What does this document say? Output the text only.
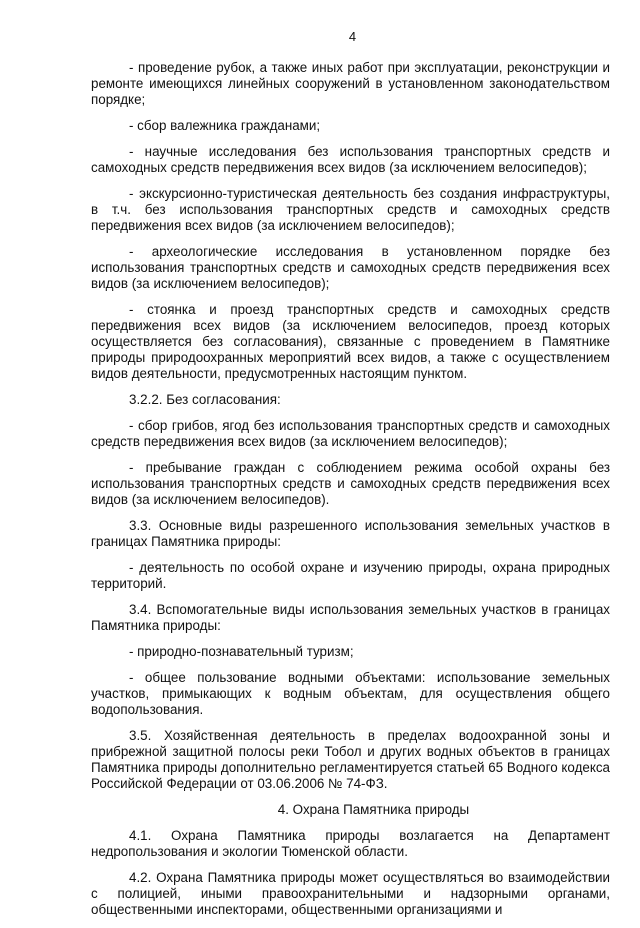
4

- проведение рубок, а также иных работ при эксплуатации, реконструкции и ремонте имеющихся линейных сооружений в установленном законодательством порядке;

- сбор валежника гражданами;

- научные исследования без использования транспортных средств и самоходных средств передвижения всех видов (за исключением велосипедов);

- экскурсионно-туристическая деятельность без создания инфраструктуры, в т.ч. без использования транспортных средств и самоходных средств передвижения всех видов (за исключением велосипедов);

- археологические исследования в установленном порядке без использования транспортных средств и самоходных средств передвижения всех видов (за исключением велосипедов);

- стоянка и проезд транспортных средств и самоходных средств передвижения всех видов (за исключением велосипедов, проезд которых осуществляется без согласования), связанные с проведением в Памятнике природы природоохранных мероприятий всех видов, а также с осуществлением видов деятельности, предусмотренных настоящим пунктом.

3.2.2. Без согласования:

- сбор грибов, ягод без использования транспортных средств и самоходных средств передвижения всех видов (за исключением велосипедов);

- пребывание граждан с соблюдением режима особой охраны без использования транспортных средств и самоходных средств передвижения всех видов (за исключением велосипедов).

3.3. Основные виды разрешенного использования земельных участков в границах Памятника природы:

- деятельность по особой охране и изучению природы, охрана природных территорий.

3.4. Вспомогательные виды использования земельных участков в границах Памятника природы:

- природно-познавательный туризм;

- общее пользование водными объектами: использование земельных участков, примыкающих к водным объектам, для осуществления общего водопользования.

3.5. Хозяйственная деятельность в пределах водоохранной зоны и прибрежной защитной полосы реки Тобол и других водных объектов в границах Памятника природы дополнительно регламентируется статьей 65 Водного кодекса Российской Федерации от 03.06.2006 № 74-ФЗ.

4. Охрана Памятника природы

4.1. Охрана Памятника природы возлагается на Департамент недропользования и экологии Тюменской области.

4.2. Охрана Памятника природы может осуществляться во взаимодействии с полицией, иными правоохранительными и надзорными органами, общественными инспекторами, общественными организациями и
